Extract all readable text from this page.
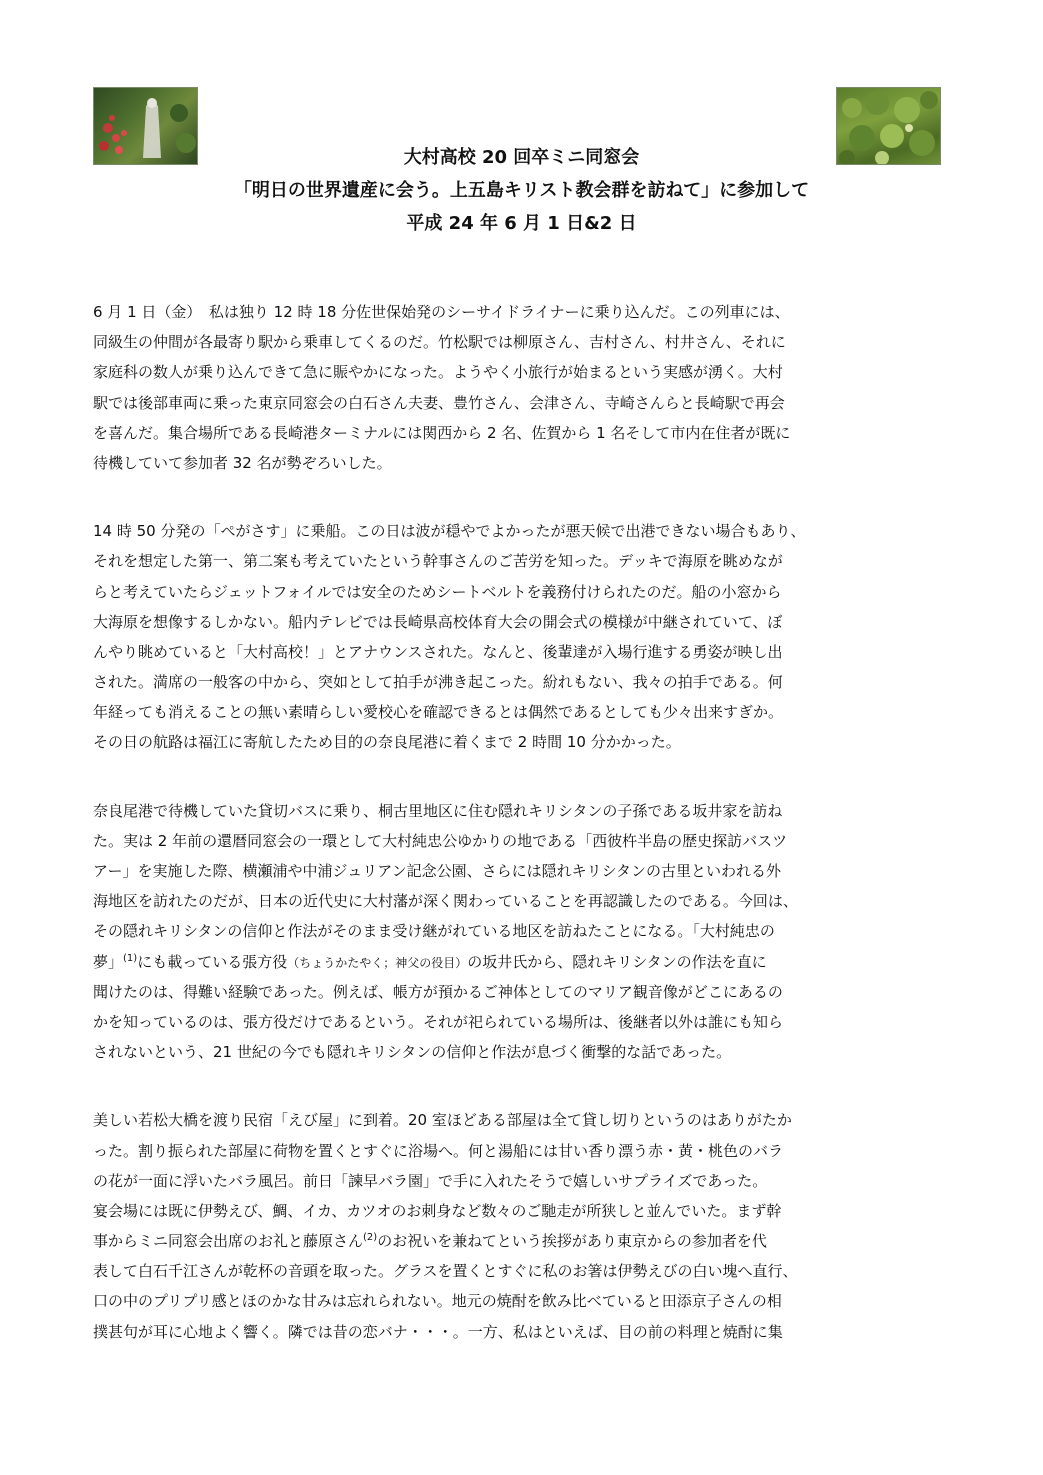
大村高校 20 回卒ミニ同窓会
「明日の世界遺産に会う。上五島キリスト教会群を訪ねて」に参加して
平成 24 年 6 月 1 日&2 日

6 月 1 日（金）　私は独り 12 時 18 分佐世保始発のシーサイドライナーに乗り込んだ。この列車には、
同級生の仲間が各最寄り駅から乗車してくるのだ。竹松駅では柳原さん、吉村さん、村井さん、それに
家庭科の数人が乗り込んできて急に賑やかになった。ようやく小旅行が始まるという実感が湧く。大村
駅では後部車両に乗った東京同窓会の白石さん夫妻、豊竹さん、会津さん、寺崎さんらと長崎駅で再会
を喜んだ。集合場所である長崎港ターミナルには関西から 2 名、佐賀から 1 名そして市内在住者が既に
待機していて参加者 32 名が勢ぞろいした。

14 時 50 分発の「ぺがさす」に乗船。この日は波が穏やでよかったが悪天候で出港できない場合もあり、
それを想定した第一、第二案も考えていたという幹事さんのご苦労を知った。デッキで海原を眺めなが
らと考えていたらジェットフォイルでは安全のためシートベルトを義務付けられたのだ。船の小窓から
大海原を想像するしかない。船内テレビでは長崎県高校体育大会の開会式の模様が中継されていて、ぼ
んやり眺めていると「大村高校！」とアナウンスされた。なんと、後輩達が入場行進する勇姿が映し出
された。満席の一般客の中から、突如として拍手が沸き起こった。紛れもない、我々の拍手である。何
年経っても消えることの無い素晴らしい愛校心を確認できるとは偶然であるとしても少々出来すぎか。
その日の航路は福江に寄航したため目的の奈良尾港に着くまで 2 時間 10 分かかった。

奈良尾港で待機していた貸切バスに乗り、桐古里地区に住む隠れキリシタンの子孫である坂井家を訪ね
た。実は 2 年前の還暦同窓会の一環として大村純忠公ゆかりの地である「西彼杵半島の歴史探訪バスツ
アー」を実施した際、横瀬浦や中浦ジュリアン記念公園、さらには隠れキリシタンの古里といわれる外
海地区を訪れたのだが、日本の近代史に大村藩が深く関わっていることを再認識したのである。今回は、
その隠れキリシタンの信仰と作法がそのまま受け継がれている地区を訪ねたことになる。「大村純忠の
夢」$^{(1)}$にも載っている張方役（ちょうかたやく；神父の役目）の坂井氏から、隠れキリシタンの作法を直に
聞けたのは、得難い経験であった。例えば、帳方が預かるご神体としてのマリア観音像がどこにあるの
かを知っているのは、張方役だけであるという。それが祀られている場所は、後継者以外は誰にも知ら
されないという、21 世紀の今でも隠れキリシタンの信仰と作法が息づく衝撃的な話であった。

美しい若松大橋を渡り民宿「えび屋」に到着。20 室ほどある部屋は全て貸し切りというのはありがたか
った。割り振られた部屋に荷物を置くとすぐに浴場へ。何と湯船には甘い香り漂う赤・黄・桃色のバラ
の花が一面に浮いたバラ風呂。前日「諫早バラ園」で手に入れたそうで嬉しいサプライズであった。
宴会場には既に伊勢えび、鯛、イカ、カツオのお刺身など数々のご馳走が所狭しと並んでいた。まず幹
事からミニ同窓会出席のお礼と藤原さん$^{(2)}$のお祝いを兼ねてという挨拶があり東京からの参加者を代
表して白石千江さんが乾杯の音頭を取った。グラスを置くとすぐに私のお箸は伊勢えびの白い塊へ直行、
口の中のプリプリ感とほのかな甘みは忘れられない。地元の焼酎を飲み比べていると田添京子さんの相
撲甚句が耳に心地よく響く。隣では昔の恋バナ・・・。一方、私はといえば、目の前の料理と焼酎に集
